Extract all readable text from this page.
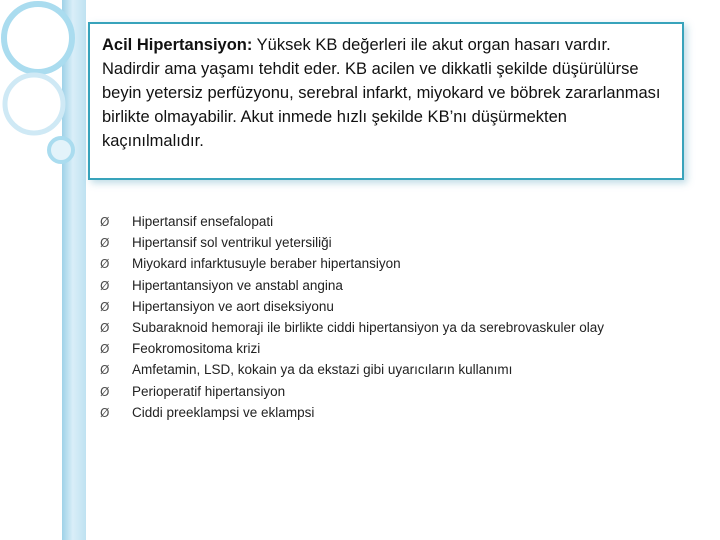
Acil Hipertansiyon: Yüksek KB değerleri ile akut organ hasarı vardır. Nadirdir ama yaşamı tehdit eder. KB acilen ve dikkatli şekilde düşürülürse beyin yetersiz perfüzyonu, serebral infarkt, miyokard ve böbrek zararlanması birlikte olmayabilir. Akut inmede hızlı şekilde KB’nı düşürmekten kaçınılmalıdır.

Ø	Hipertansif ensefalopati
Ø	Hipertansif sol ventrikul yetersiliği
Ø	Miyokard infarktusuyle beraber hipertansiyon
Ø	Hipertantansiyon ve anstabl angina
Ø	Hipertansiyon ve aort diseksiyonu
Ø	Subaraknoid hemoraji ile birlikte ciddi hipertansiyon ya da serebrovaskuler olay
Ø	Feokromositoma krizi
Ø	Amfetamin, LSD, kokain ya da ekstazi gibi uyarıcıların kullanımı
Ø	Perioperatif hipertansiyon
Ø	Ciddi preeklampsi ve eklampsi
